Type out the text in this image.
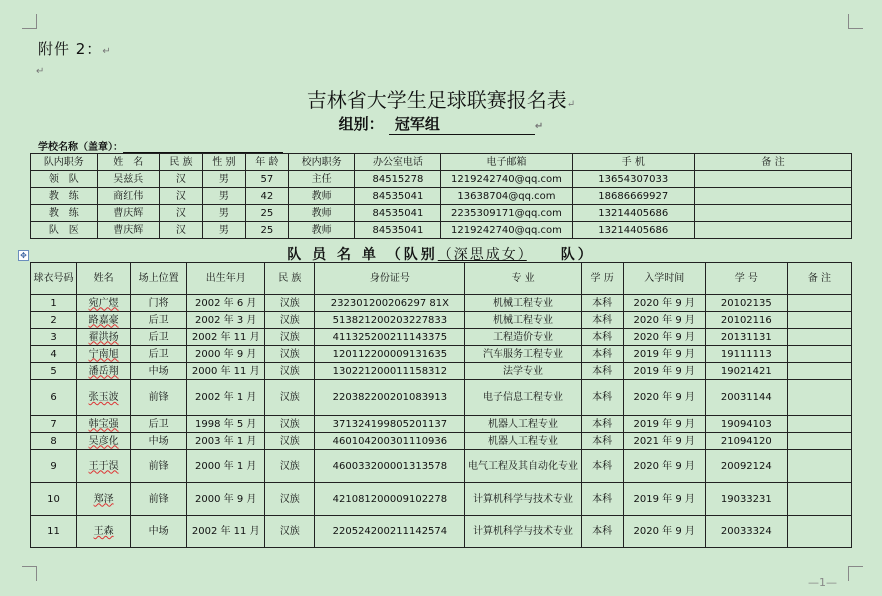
附件 2：↵
↵
吉林省大学生足球联赛报名表↵
组别： 冠军组	↵
学校名称（盖章）：
队内职务	姓　名	民 族	性 别	年 龄	校内职务	办公室电话	电子邮箱	手 机	备 注
领　队	吴兹兵	汉	男	57	主任	84515278	1219242740@qq.com	13654307033	
教　练	商红伟	汉	男	42	教师	84535041	13638704@qq.com	18686669927	
教　练	曹庆辉	汉	男	25	教师	84535041	2235309171@qq.com	13214405686	
队　医	曹庆辉	汉	男	25	教师	84535041	1219242740@qq.com	13214405686	
✥	队 员 名 单 （队别（深思成女）　　队）
球衣号码	姓名	场上位置	出生年月	民 族	身份证号	专 业	学 历	入学时间	学 号	备 注
1	宛广煜	门将	2002 年 6 月	汉族	232301200206297 81X	机械工程专业	本科	2020 年 9 月	20102135	
2	路嘉豪	后卫	2002 年 3 月	汉族	513821200203227833	机械工程专业	本科	2020 年 9 月	20102116	
3	翟洪扬	后卫	2002 年 11 月	汉族	411325200211143375	工程造价专业	本科	2020 年 9 月	20131131	
4	宁南旭	后卫	2000 年 9 月	汉族	120112200009131635	汽车服务工程专业	本科	2019 年 9 月	19111113	
5	潘岳翔	中场	2000 年 11 月	汉族	130221200011158312	法学专业	本科	2019 年 9 月	19021421	
6	张玉波	前锋	2002 年 1 月	汉族	220382200201083913	电子信息工程专业	本科	2020 年 9 月	20031144	
7	韩宝强	后卫	1998 年 5 月	汉族	371324199805201137	机器人工程专业	本科	2019 年 9 月	19094103	
8	吴彦化	中场	2003 年 1 月	汉族	460104200301110936	机器人工程专业	本科	2021 年 9 月	21094120	
9	王于淏	前锋	2000 年 1 月	汉族	460033200001313578	电气工程及其自动化专业	本科	2020 年 9 月	20092124	
10	郑泽	前锋	2000 年 9 月	汉族	421081200009102278	计算机科学与技术专业	本科	2019 年 9 月	19033231	
11	王森	中场	2002 年 11 月	汉族	220524200211142574	计算机科学与技术专业	本科	2020 年 9 月	20033324	
—1—
